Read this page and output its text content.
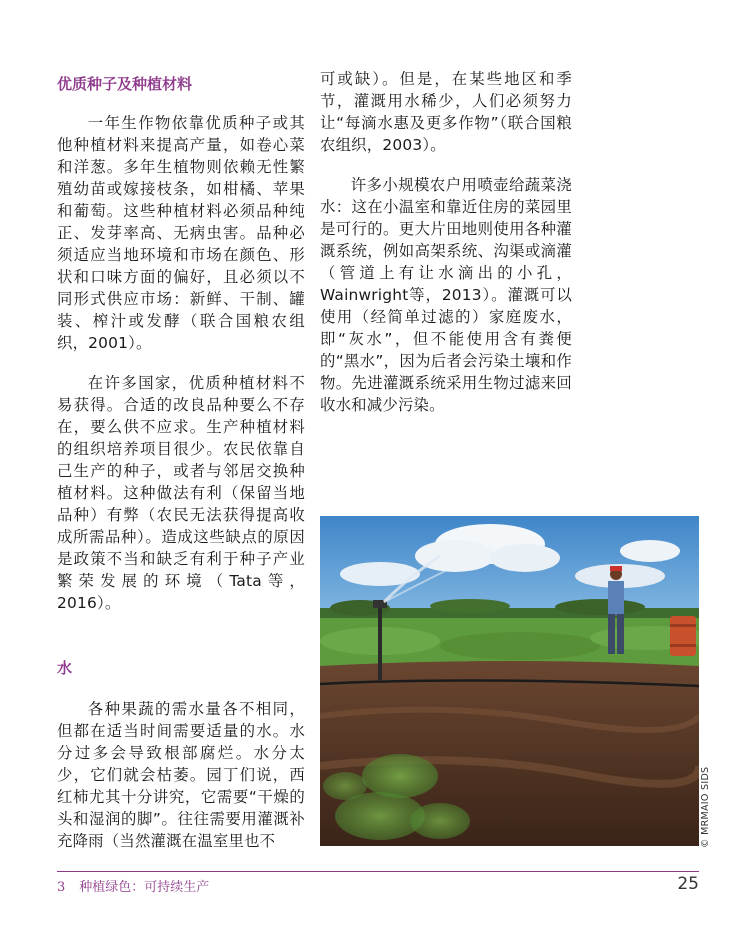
优质种子及种植材料

一年生作物依靠优质种子或其他种植材料来提高产量，如卷心菜和洋葱。多年生植物则依赖无性繁殖幼苗或嫁接枝条，如柑橘、苹果和葡萄。这些种植材料必须品种纯正、发芽率高、无病虫害。品种必须适应当地环境和市场在颜色、形状和口味方面的偏好，且必须以不同形式供应市场：新鲜、干制、罐装、榨汁或发酵（联合国粮农组织，2001）。

在许多国家，优质种植材料不易获得。合适的改良品种要么不存在，要么供不应求。生产种植材料的组织培养项目很少。农民依靠自己生产的种子，或者与邻居交换种植材料。这种做法有利（保留当地品种）有弊（农民无法获得提高收成所需品种）。造成这些缺点的原因是政策不当和缺乏有利于种子产业繁荣发展的环境（Tata等，2016）。

水

各种果蔬的需水量各不相同，但都在适当时间需要适量的水。水分过多会导致根部腐烂。水分太少，它们就会枯萎。园丁们说，西红柿尤其十分讲究，它需要“干燥的头和湿润的脚”。往往需要用灌溉补充降雨（当然灌溉在温室里也不

可或缺）。但是，在某些地区和季节，灌溉用水稀少，人们必须努力让“每滴水惠及更多作物”（联合国粮农组织，2003）。

许多小规模农户用喷壶给蔬菜浇水：这在小温室和靠近住房的菜园里是可行的。更大片田地则使用各种灌溉系统，例如高架系统、沟渠或滴灌（管道上有让水滴出的小孔，Wainwright等，2013）。灌溉可以使用（经简单过滤的）家庭废水，即“灰水”，但不能使用含有粪便的“黑水”，因为后者会污染土壤和作物。先进灌溉系统采用生物过滤来回收水和减少污染。

© MRMAIO SIDS
3 种植绿色：可持续生产	25
